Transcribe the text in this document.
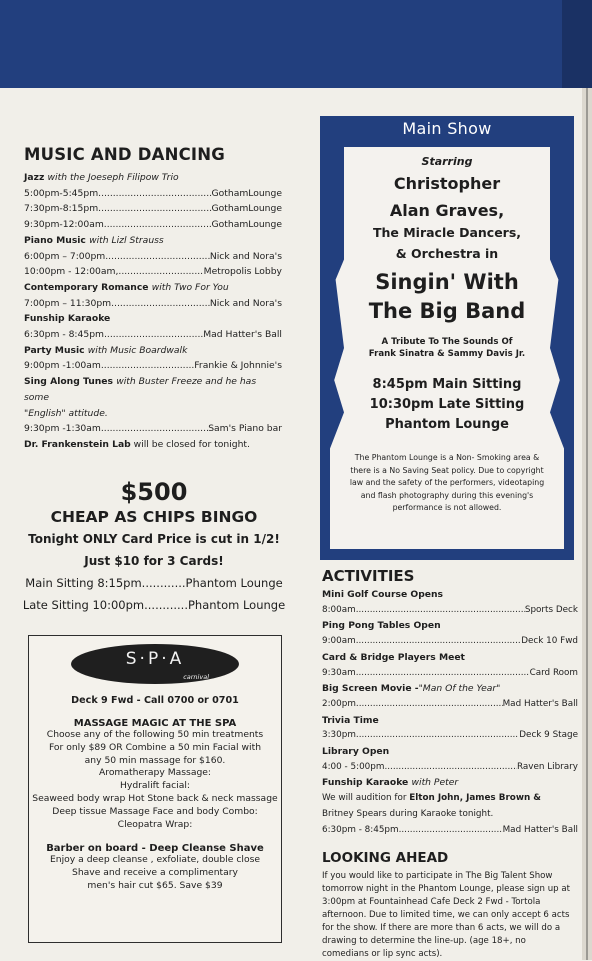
MUSIC AND DANCING
Jazz with the Joeseph Filipow Trio
5:00pm-5:45pm .....	GothamLounge
7:30pm-8:15pm .....	GothamLounge
9:30pm-12:00am .....	GothamLounge
Piano Music with Lizl Strauss
6:00pm – 7:00pm .....	Nick and Nora's
10:00pm - 12:00am, .....	Metropolis Lobby
Contemporary Romance with Two For You
7:00pm – 11:30pm .....	Nick and Nora's
Funship Karaoke
6:30pm - 8:45pm.. .....	Mad Hatter's Ball
Party Music with Music Boardwalk
9:00pm -1:00am .....	Frankie & Johnnie's
Sing Along Tunes with Buster Freeze and he has some
"English" attitude.
9:30pm -1:30am .....	Sam's Piano bar
Dr. Frankenstein Lab will be closed for tonight.
$500
CHEAP AS CHIPS BINGO
Tonight ONLY Card Price is cut in 1/2!
Just $10 for 3 Cards!
Main Sitting 8:15pm .....	Phantom Lounge
Late Sitting 10:00pm .....	Phantom Lounge
S·P·A
carnival
Deck 9 Fwd - Call 0700 or 0701
MASSAGE MAGIC AT THE SPA
Choose any of the following 50 min treatments
For only $89 OR Combine a 50 min Facial with
any 50 min massage for $160.
Aromatherapy Massage:
Hydralift facial:
Seaweed body wrap Hot Stone back & neck massage
Deep tissue Massage Face and body Combo:
Cleopatra Wrap:
Barber on board - Deep Cleanse Shave
Enjoy a deep cleanse , exfoliate, double close
Shave and receive a complimentary
men's hair cut $65. Save $39
Main Show
Starring
Christopher
Alan Graves,
The Miracle Dancers,
& Orchestra in
Singin' With
The Big Band
A Tribute To The Sounds Of
Frank Sinatra & Sammy Davis Jr.
8:45pm Main Sitting
10:30pm Late Sitting
Phantom Lounge
The Phantom Lounge is a Non- Smoking area & there is a No Saving Seat policy. Due to copyright law and the safety of the performers, videotaping and flash photography during this evening's performance is not allowed.
ACTIVITIES
Mini Golf Course Opens
8:00am .....	Sports Deck
Ping Pong Tables Open
9:00am .....	Deck 10 Fwd
Card & Bridge Players Meet
9:30am .....	Card Room
Big Screen Movie -"Man Of the Year"
2:00pm .....	Mad Hatter's Ball
Trivia Time
3:30pm .....	Deck 9 Stage
Library Open
4:00 - 5:00pm .....	Raven Library
Funship Karaoke with Peter
We will audition for Elton John, James Brown &
Britney Spears during Karaoke tonight.
6:30pm - 8:45pm .....	Mad Hatter's Ball
LOOKING AHEAD
If you would like to participate in The Big Talent Show tomorrow night in the Phantom Lounge, please sign up at 3:00pm at Fountainhead Cafe Deck 2 Fwd - Tortola afternoon. Due to limited time, we can only accept 6 acts for the show. If there are more than 6 acts, we will do a drawing to determine the line-up. (age 18+, no comedians or lip sync acts).
